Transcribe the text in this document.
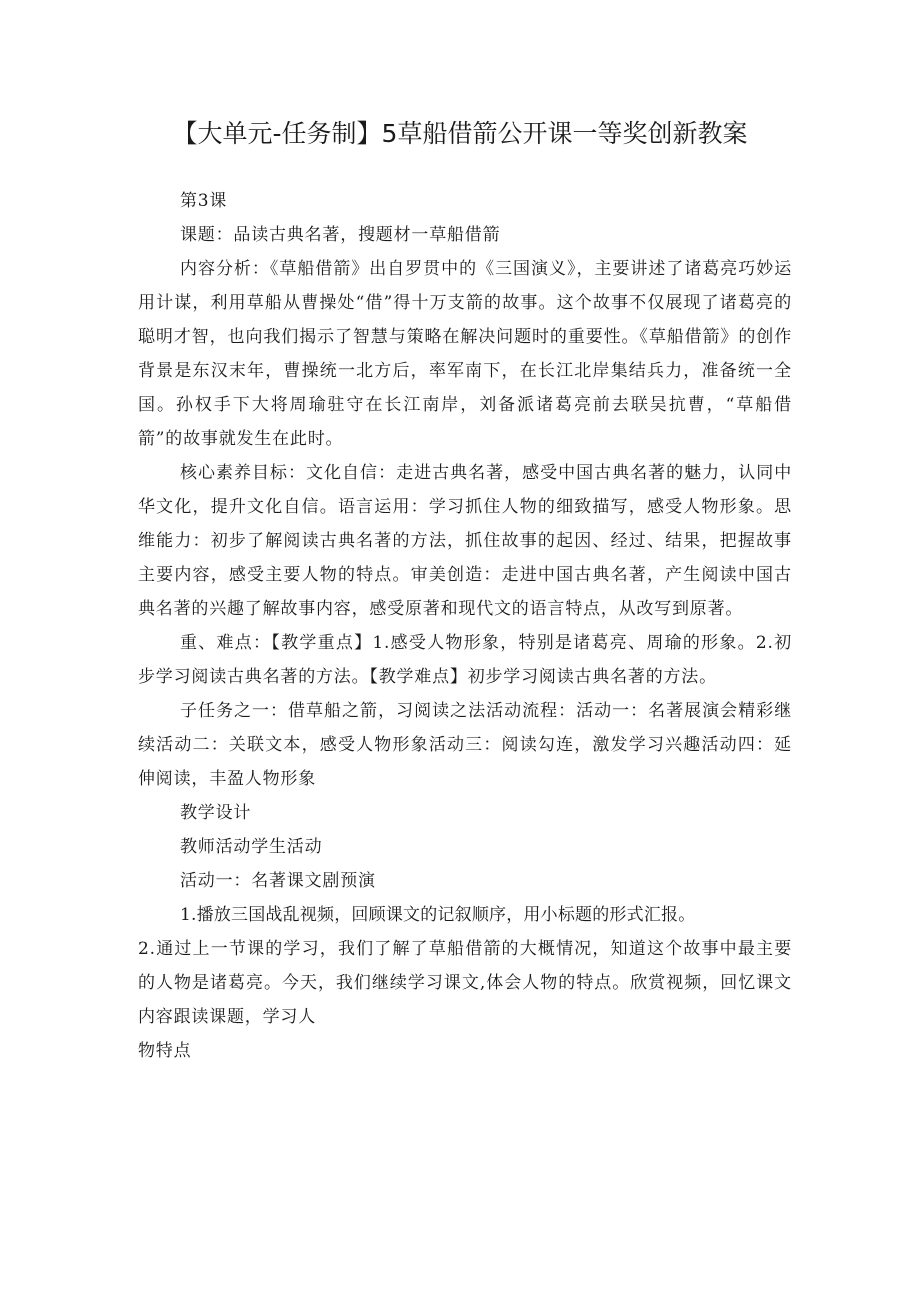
【大单元-任务制】5草船借箭公开课一等奖创新教案

第3课

课题：品读古典名著，搜题材一草船借箭

内容分析：《草船借箭》出自罗贯中的《三国演义》，主要讲述了诸葛亮巧妙运用计谋，利用草船从曹操处“借”得十万支箭的故事。这个故事不仅展现了诸葛亮的聪明才智，也向我们揭示了智慧与策略在解决问题时的重要性。《草船借箭》的创作背景是东汉末年，曹操统一北方后，率军南下，在长江北岸集结兵力，准备统一全国。孙权手下大将周瑜驻守在长江南岸，刘备派诸葛亮前去联吴抗曹，“草船借箭”的故事就发生在此时。

核心素养目标：文化自信：走进古典名著，感受中国古典名著的魅力，认同中华文化，提升文化自信。语言运用：学习抓住人物的细致描写，感受人物形象。思维能力：初步了解阅读古典名著的方法，抓住故事的起因、经过、结果，把握故事主要内容，感受主要人物的特点。审美创造：走进中国古典名著，产生阅读中国古典名著的兴趣了解故事内容，感受原著和现代文的语言特点，从改写到原著。

重、难点：【教学重点】1.感受人物形象，特别是诸葛亮、周瑜的形象。2.初步学习阅读古典名著的方法。【教学难点】初步学习阅读古典名著的方法。

子任务之一：借草船之箭，习阅读之法活动流程：活动一：名著展演会精彩继续活动二：关联文本，感受人物形象活动三：阅读勾连，激发学习兴趣活动四：延伸阅读，丰盈人物形象

教学设计

教师活动学生活动

活动一：名著课文剧预演

1.播放三国战乱视频，回顾课文的记叙顺序，用小标题的形式汇报。

2.通过上一节课的学习，我们了解了草船借箭的大概情况，知道这个故事中最主要的人物是诸葛亮。今天，我们继续学习课文,体会人物的特点。欣赏视频，回忆课文内容跟读课题，学习人

物特点
